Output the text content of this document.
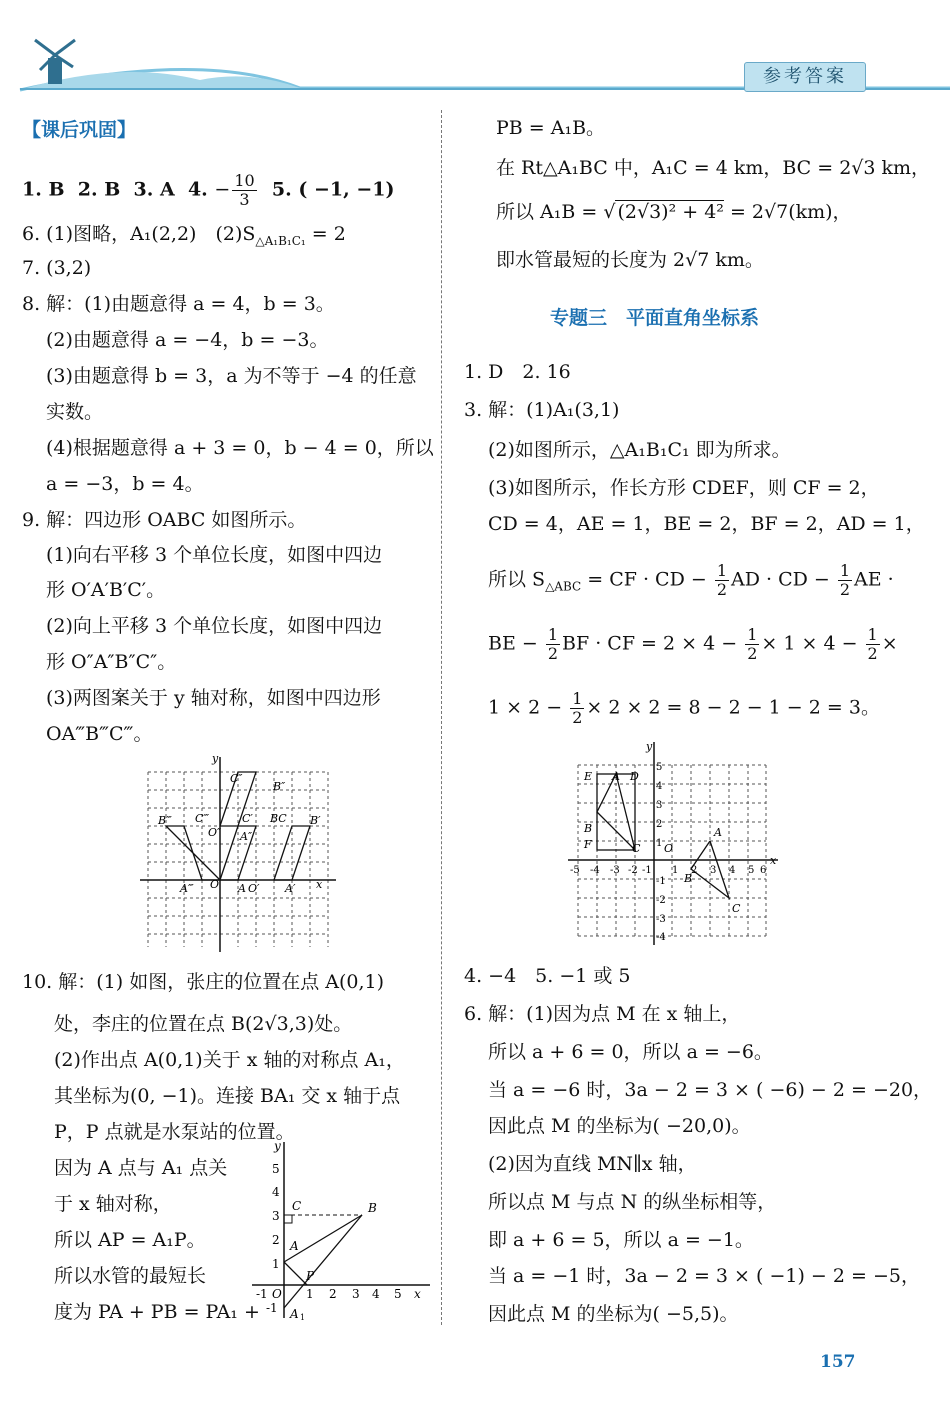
参考答案
【课后巩固】
1. B 2. B 3. A 4. − $\frac{10}{3} 5$. ( −1, −1)
6. (1)图略，A₁(2,2)　$(2)S_{\triangle A_1B_1C_1} = 2$
7. (3,2)
8. 解：(1)由题意得 a = 4，b = 3。
(2)由题意得 a = −4，b = −3。
(3)由题意得 b = 3，a 为不等于 −4 的任意
实数。
(4)根据题意得 a + 3 = 0，b − 4 = 0，所以
a = −3，b = 4。
9. 解：四边形 OABC 如图所示。
(1)向右平移 3 个单位长度，如图中四边
形 O′A′B′C′。
(2)向上平移 3 个单位长度，如图中四边
形 O″A″B″C″。
(3)两图案关于 y 轴对称，如图中四边形
OA‴B‴C‴。
y
x
O A O′ A′
A‴
B‴	B′
C″
B″
C‴
O″
C′ BC
A″
10. 解：(1) 如图，张庄的位置在点 A(0,1)
处，李庄的位置在点 B(2√3,3)处。
(2)作出点 A(0,1)关于 x 轴的对称点 A₁，
其坐标为(0, −1)。连接 BA₁ 交 x 轴于点
P，P 点就是水泵站的位置。
因为 A 点与 A₁ 点关
于 x 轴对称，
所以 AP = A₁P。
所以水管的最短长
度为 PA + PB = PA₁ +
y
5
4
3
2
1
-1 O 1 2 3 4 5 x
-1
C	B
A
P
A 1
PB = A₁B。
在 Rt△A₁BC 中，A₁C = 4 km，BC = 2√3 km，
所以 A₁B = √ (2√3)² + 4² = 2√7(km)，
即水管最短的长度为 2√7 km。
专题三　平面直角坐标系
1. D　2. 16
3. 解：(1)A₁(3,1)
(2)如图所示，△A₁B₁C₁ 即为所求。
(3)如图所示，作长方形 CDEF，则 CF = 2，
CD = 4，AE = 1，BE = 2，BF = 2，AD = 1，
所以 $S_{\triangle ABC}$ = CF · CD − $\frac{1}{2}$ AD · CD − $\frac{1}{2}$ AE ·
BE − $\frac{1}{2}$ BF · CF = $2 \times 4 - \frac{1}{2} \times 1 \times 4 - \frac{1}{2}$ ×
$1 \times 2 - \frac{1}{2} \times 2 \times 2 = 8 - 2 - 1 - 2 = 3$。
y
x
E A D
B
F	C O
A
B
C
5
4
3
2
1
-5 -4 -3 -2 -1 1 2 3 4 5 6
-1
-2
-3
-4
4. −4　5. −1 或 5
6. 解：(1)因为点 M 在 x 轴上，
所以 a + 6 = 0，所以 a = −6。
当 a = −6 时，3a − 2 = 3 × ( −6) − 2 = −20，
因此点 M 的坐标为( −20,0)。
(2)因为直线 MN∥x 轴，
所以点 M 与点 N 的纵坐标相等，
即 a + 6 = 5，所以 a = −1。
当 a = −1 时，3a − 2 = 3 × ( −1) − 2 = −5，
因此点 M 的坐标为( −5,5)。
157
